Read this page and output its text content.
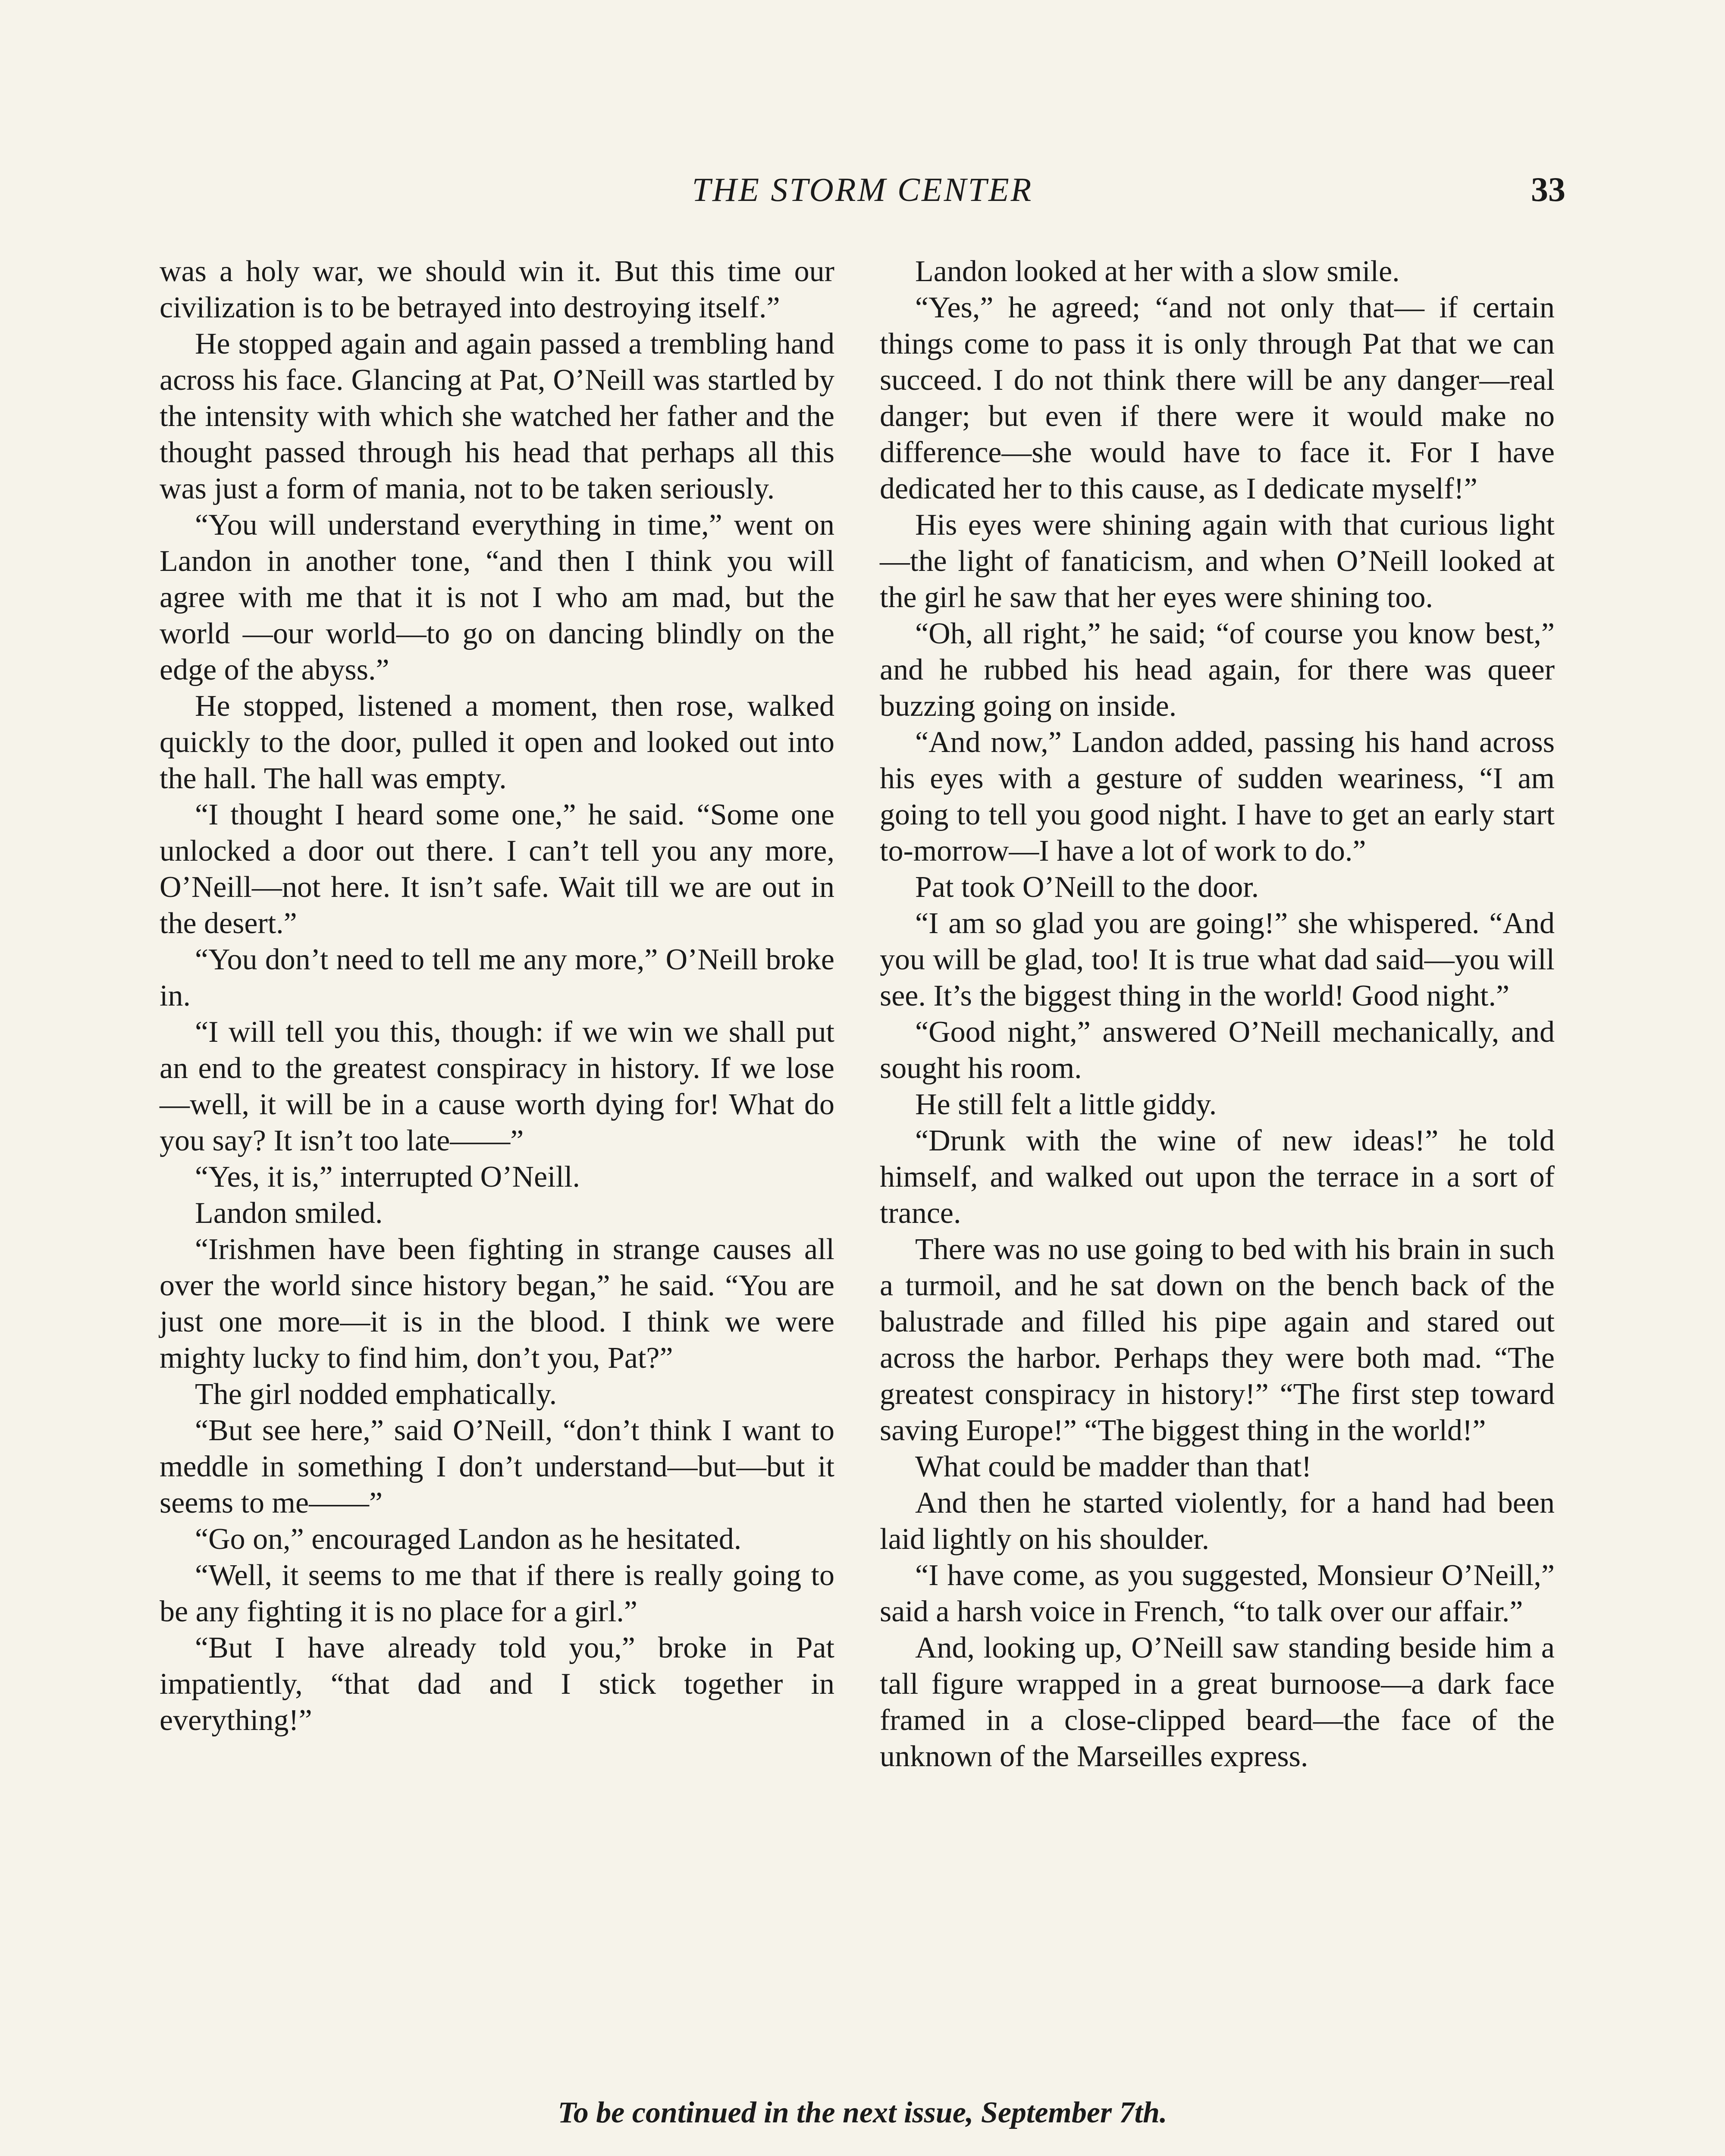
THE STORM CENTER	33

was a holy war, we should win it. But this time our civilization is to be betrayed into destroying itself.”

He stopped again and again passed a trembling hand across his face. Glancing at Pat, O’Neill was startled by the intensity with which she watched her father and the thought passed through his head that perhaps all this was just a form of mania, not to be taken seriously.

“You will understand everything in time,” went on Landon in another tone, “and then I think you will agree with me that it is not I who am mad, but the world —our world—to go on dancing blindly on the edge of the abyss.”

He stopped, listened a moment, then rose, walked quickly to the door, pulled it open and looked out into the hall. The hall was empty.

“I thought I heard some one,” he said. “Some one unlocked a door out there. I can’t tell you any more, O’Neill—not here. It isn’t safe. Wait till we are out in the desert.”

“You don’t need to tell me any more,” O’Neill broke in.

“I will tell you this, though: if we win we shall put an end to the greatest conspiracy in history. If we lose—well, it will be in a cause worth dying for! What do you say? It isn’t too late——”

“Yes, it is,” interrupted O’Neill.

Landon smiled.

“Irishmen have been fighting in strange causes all over the world since history began,” he said. “You are just one more—it is in the blood. I think we were mighty lucky to find him, don’t you, Pat?”

The girl nodded emphatically.

“But see here,” said O’Neill, “don’t think I want to meddle in something I don’t understand—but—but it seems to me——”

“Go on,” encouraged Landon as he hesitated.

“Well, it seems to me that if there is really going to be any fighting it is no place for a girl.”

“But I have already told you,” broke in Pat impatiently, “that dad and I stick together in everything!”

Landon looked at her with a slow smile.

“Yes,” he agreed; “and not only that— if certain things come to pass it is only through Pat that we can succeed. I do not think there will be any danger—real danger; but even if there were it would make no difference—she would have to face it. For I have dedicated her to this cause, as I dedicate myself!”

His eyes were shining again with that curious light—the light of fanaticism, and when O’Neill looked at the girl he saw that her eyes were shining too.

“Oh, all right,” he said; “of course you know best,” and he rubbed his head again, for there was queer buzzing going on inside.

“And now,” Landon added, passing his hand across his eyes with a gesture of sudden weariness, “I am going to tell you good night. I have to get an early start to-morrow—I have a lot of work to do.”

Pat took O’Neill to the door.

“I am so glad you are going!” she whispered. “And you will be glad, too! It is true what dad said—you will see. It’s the biggest thing in the world! Good night.”

“Good night,” answered O’Neill mechanically, and sought his room.

He still felt a little giddy.

“Drunk with the wine of new ideas!” he told himself, and walked out upon the terrace in a sort of trance.

There was no use going to bed with his brain in such a turmoil, and he sat down on the bench back of the balustrade and filled his pipe again and stared out across the harbor. Perhaps they were both mad. “The greatest conspiracy in history!” “The first step toward saving Europe!” “The biggest thing in the world!”

What could be madder than that!

And then he started violently, for a hand had been laid lightly on his shoulder.

“I have come, as you suggested, Monsieur O’Neill,” said a harsh voice in French, “to talk over our affair.”

And, looking up, O’Neill saw standing beside him a tall figure wrapped in a great burnoose—a dark face framed in a close-clipped beard—the face of the unknown of the Marseilles express.

To be continued in the next issue, September 7th.
